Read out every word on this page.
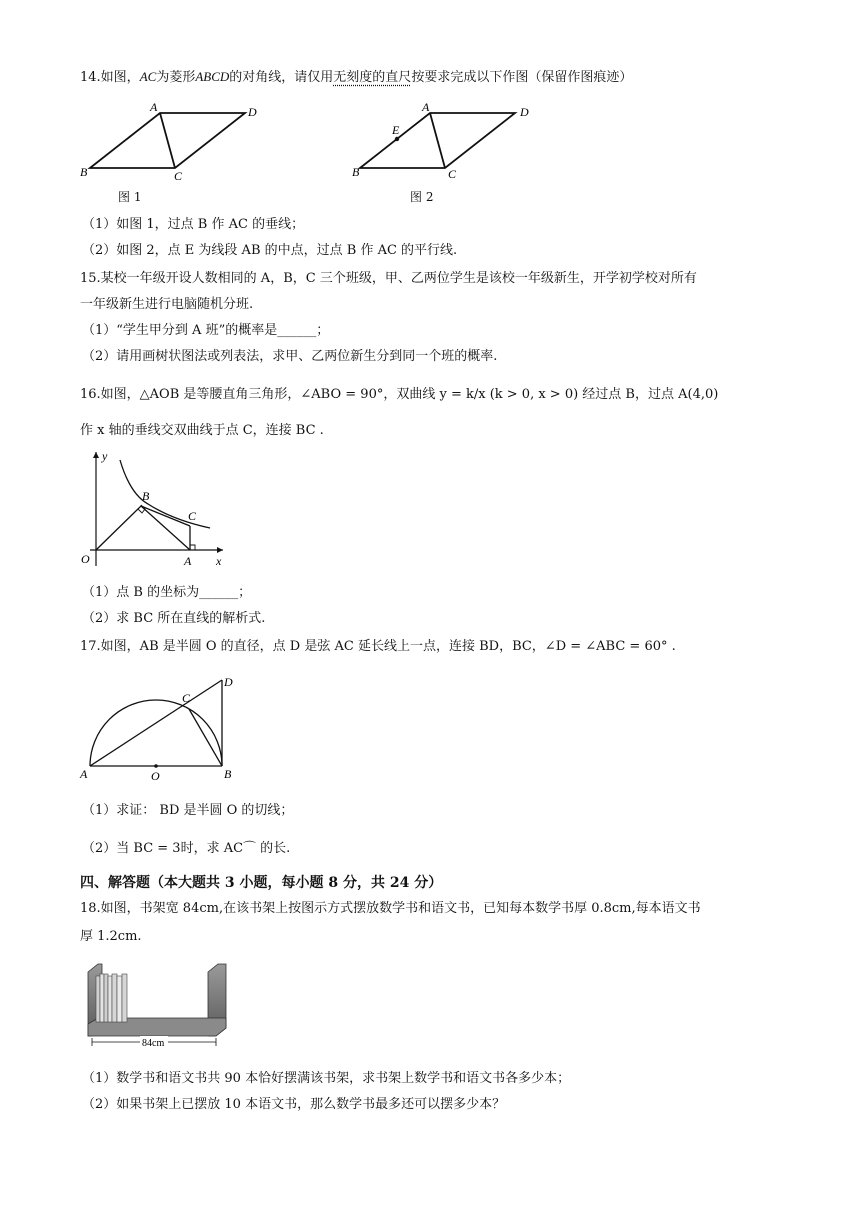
14.如图，AC为菱形ABCD的对角线，请仅用无刻度的直尺按要求完成以下作图（保留作图痕迹）
A	D
B	C
图 1
A	D
B	C
E
图 2
（1）如图 1，过点 B 作 AC 的垂线；
（2）如图 2，点 E 为线段 AB 的中点，过点 B 作 AC 的平行线.
15.某校一年级开设人数相同的 A，B，C 三个班级，甲、乙两位学生是该校一年级新生，开学初学校对所有
一年级新生进行电脑随机分班.
（1）“学生甲分到 A 班”的概率是______；
（2）请用画树状图法或列表法，求甲、乙两位新生分到同一个班的概率.
16.如图，△AOB 是等腰直角三角形，∠ABO = 90°，双曲线 y = k/x (k > 0, x > 0) 经过点 B，过点 A(4,0)
作 x 轴的垂线交双曲线于点 C，连接 BC .
y
x
O	A
B
C
（1）点 B 的坐标为______；
（2）求 BC 所在直线的解析式.
17.如图，AB 是半圆 O 的直径，点 D 是弦 AC 延长线上一点，连接 BD，BC，∠D = ∠ABC = 60° .
A	B
C
D
O
（1）求证： BD 是半圆 O 的切线；
（2）当 BC = 3时，求 AC⌒ 的长.
四、解答题（本大题共 3 小题，每小题 8 分，共 24 分）
18.如图，书架宽 84cm,在该书架上按图示方式摆放数学书和语文书，已知每本数学书厚 0.8cm,每本语文书
厚 1.2cm.
84cm
（1）数学书和语文书共 90 本恰好摆满该书架，求书架上数学书和语文书各多少本；
（2）如果书架上已摆放 10 本语文书，那么数学书最多还可以摆多少本？
